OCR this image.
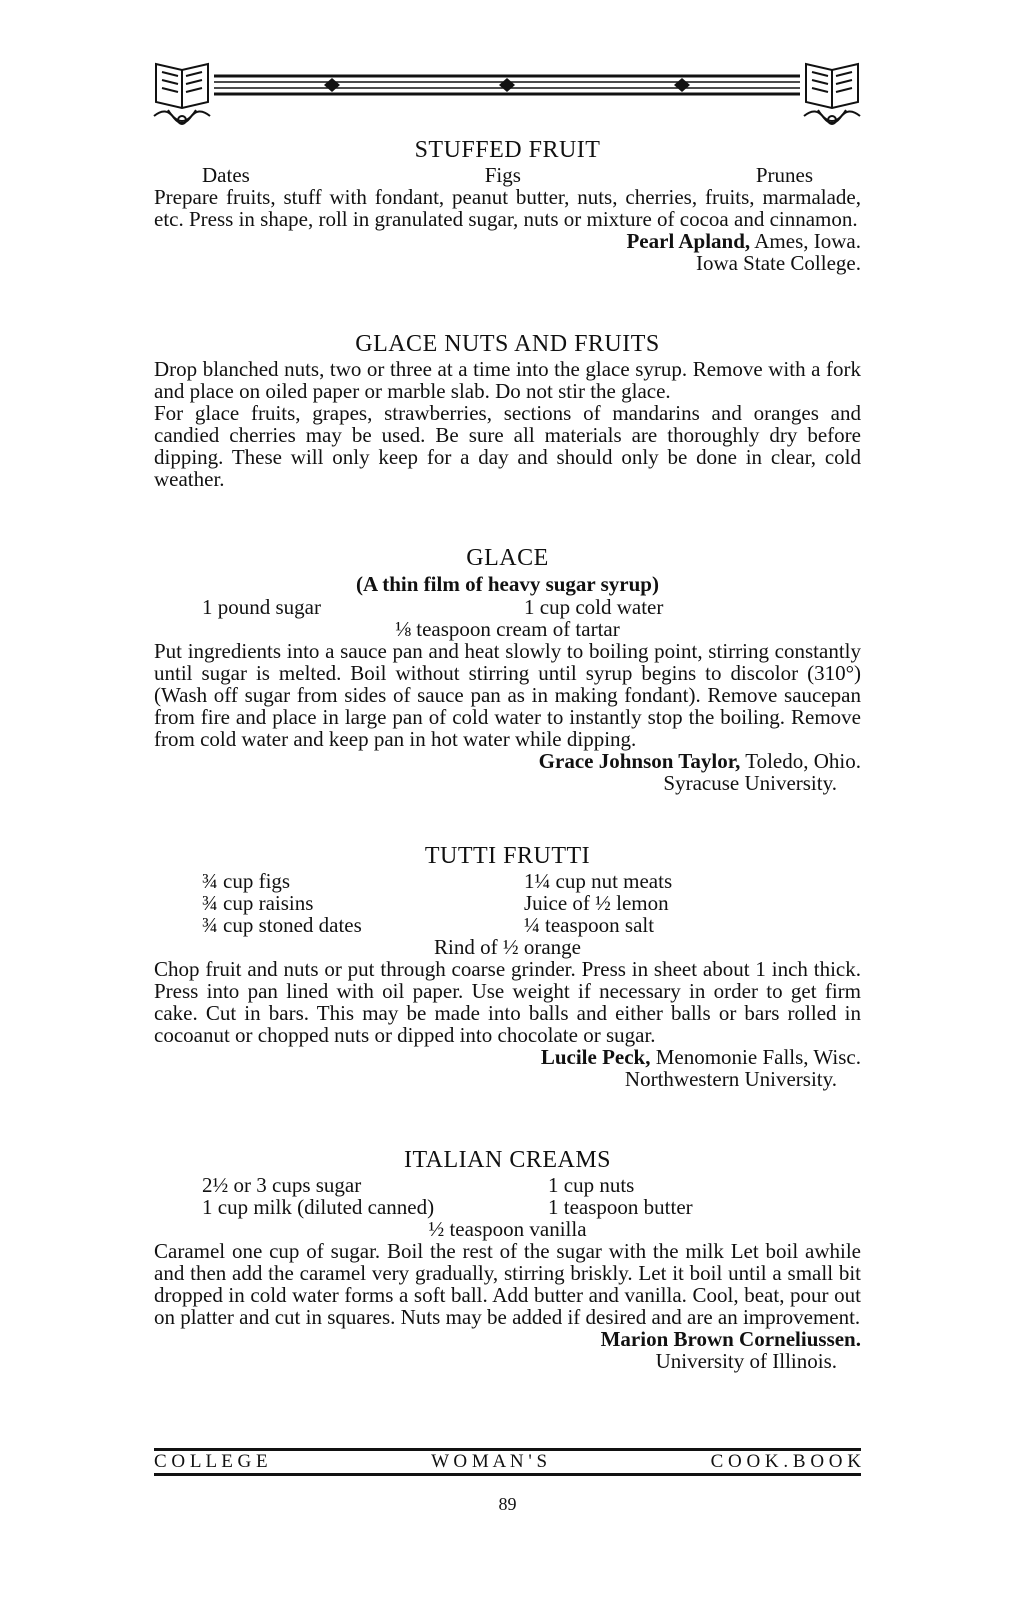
STUFFED FRUIT
Dates	Figs	Prunes

Prepare fruits, stuff with fondant, peanut butter, nuts, cherries, fruits, marmalade, etc. Press in shape, roll in granulated sugar, nuts or mixture of cocoa and cinnamon.

Pearl Apland, Ames, Iowa.
Iowa State College.
GLACE NUTS AND FRUITS

Drop blanched nuts, two or three at a time into the glace syrup. Remove with a fork and place on oiled paper or marble slab. Do not stir the glace.

For glace fruits, grapes, strawberries, sections of mandarins and oranges and candied cherries may be used. Be sure all materials are thoroughly dry before dipping. These will only keep for a day and should only be done in clear, cold weather.

GLACE
(A thin film of heavy sugar syrup)
1 pound sugar	1 cup cold water
⅛ teaspoon cream of tartar

Put ingredients into a sauce pan and heat slowly to boiling point, stirring constantly until sugar is melted. Boil without stirring until syrup begins to discolor (310°) (Wash off sugar from sides of sauce pan as in making fondant). Remove saucepan from fire and place in large pan of cold water to instantly stop the boiling. Remove from cold water and keep pan in hot water while dipping.

Grace Johnson Taylor, Toledo, Ohio.
Syracuse University.
TUTTI FRUTTI
¾ cup figs	1¼ cup nut meats
¾ cup raisins	Juice of ½ lemon
¾ cup stoned dates	¼ teaspoon salt
Rind of ½ orange

Chop fruit and nuts or put through coarse grinder. Press in sheet about 1 inch thick. Press into pan lined with oil paper. Use weight if necessary in order to get firm cake. Cut in bars. This may be made into balls and either balls or bars rolled in cocoanut or chopped nuts or dipped into chocolate or sugar.

Lucile Peck, Menomonie Falls, Wisc.
Northwestern University.
ITALIAN CREAMS
2½ or 3 cups sugar	1 cup nuts
1 cup milk (diluted canned)	1 teaspoon butter
½ teaspoon vanilla

Caramel one cup of sugar. Boil the rest of the sugar with the milk Let boil awhile and then add the caramel very gradually, stirring briskly. Let it boil until a small bit dropped in cold water forms a soft ball. Add butter and vanilla. Cool, beat, pour out on platter and cut in squares. Nuts may be added if desired and are an improvement.

Marion Brown Corneliussen.
University of Illinois.
C O L L E G E	W O M A N ' S	C O O K . B O O K
89
